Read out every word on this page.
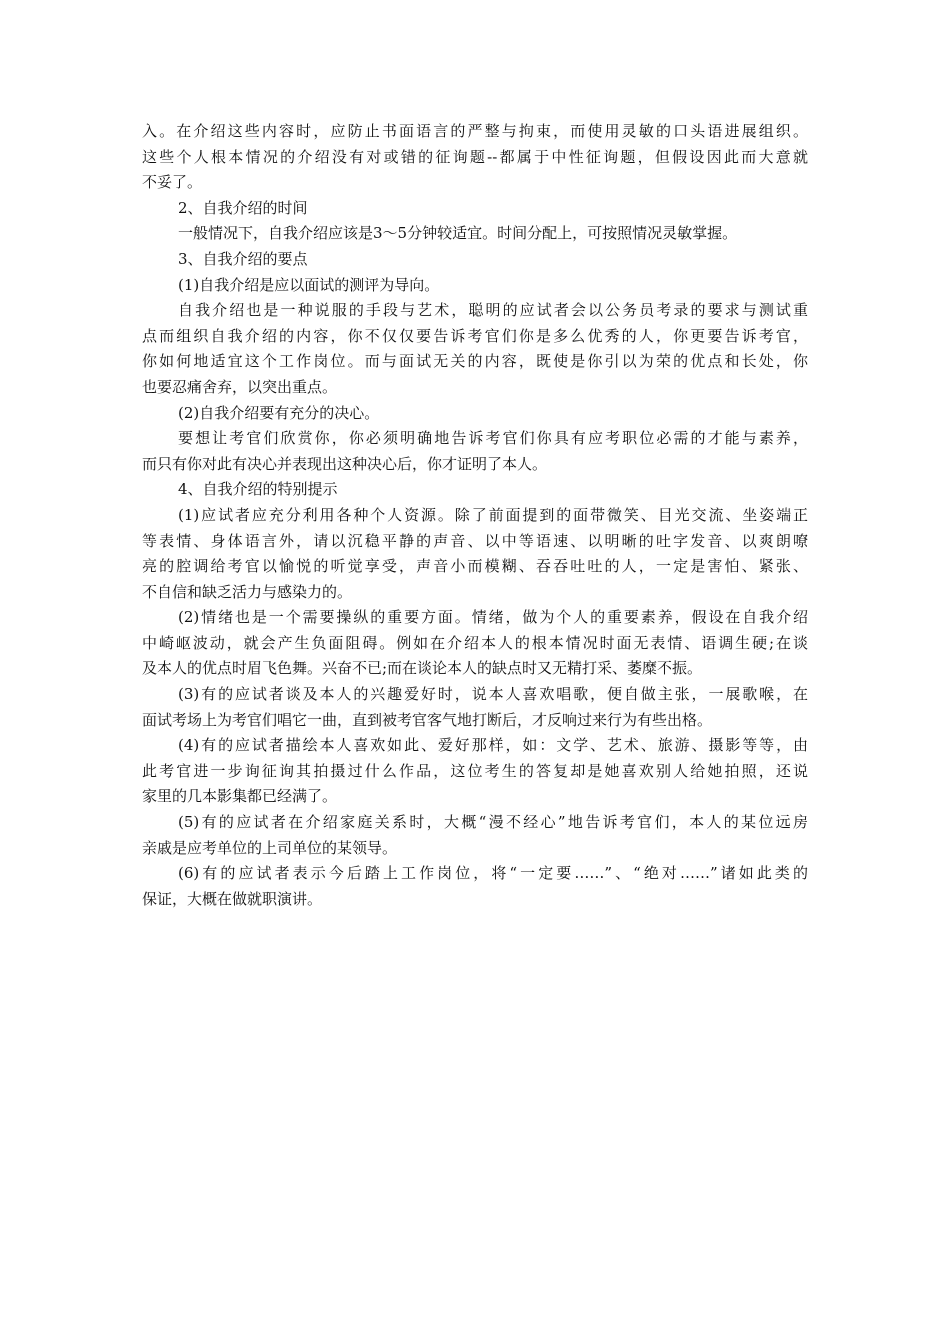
入。在介绍这些内容时，应防止书面语言的严整与拘束，而使用灵敏的口头语进展组织。
这些个人根本情况的介绍没有对或错的征询题--都属于中性征询题，但假设因此而大意就
不妥了。
2、自我介绍的时间
一般情况下，自我介绍应该是3～5分钟较适宜。时间分配上，可按照情况灵敏掌握。
3、自我介绍的要点
(1)自我介绍是应以面试的测评为导向。
自我介绍也是一种说服的手段与艺术，聪明的应试者会以公务员考录的要求与测试重
点而组织自我介绍的内容，你不仅仅要告诉考官们你是多么优秀的人，你更要告诉考官，
你如何地适宜这个工作岗位。而与面试无关的内容，既使是你引以为荣的优点和长处，你
也要忍痛舍弃，以突出重点。
(2)自我介绍要有充分的决心。
要想让考官们欣赏你，你必须明确地告诉考官们你具有应考职位必需的才能与素养，
而只有你对此有决心并表现出这种决心后，你才证明了本人。
4、自我介绍的特别提示
(1)应试者应充分利用各种个人资源。除了前面提到的面带微笑、目光交流、坐姿端正
等表情、身体语言外，请以沉稳平静的声音、以中等语速、以明晰的吐字发音、以爽朗嘹
亮的腔调给考官以愉悦的听觉享受，声音小而模糊、吞吞吐吐的人，一定是害怕、紧张、
不自信和缺乏活力与感染力的。
(2)情绪也是一个需要操纵的重要方面。情绪，做为个人的重要素养，假设在自我介绍
中崎岖波动，就会产生负面阻碍。例如在介绍本人的根本情况时面无表情、语调生硬;在谈
及本人的优点时眉飞色舞。兴奋不已;而在谈论本人的缺点时又无精打采、萎糜不振。
(3)有的应试者谈及本人的兴趣爱好时，说本人喜欢唱歌，便自做主张，一展歌喉，在
面试考场上为考官们唱它一曲，直到被考官客气地打断后，才反响过来行为有些出格。
(4)有的应试者描绘本人喜欢如此、爱好那样，如：文学、艺术、旅游、摄影等等，由
此考官进一步询征询其拍摄过什么作品，这位考生的答复却是她喜欢别人给她拍照，还说
家里的几本影集都已经满了。
(5)有的应试者在介绍家庭关系时，大概“漫不经心”地告诉考官们，本人的某位远房
亲戚是应考单位的上司单位的某领导。
(6)有的应试者表示今后踏上工作岗位，将“一定要……”、“绝对……”诸如此类的
保证，大概在做就职演讲。
